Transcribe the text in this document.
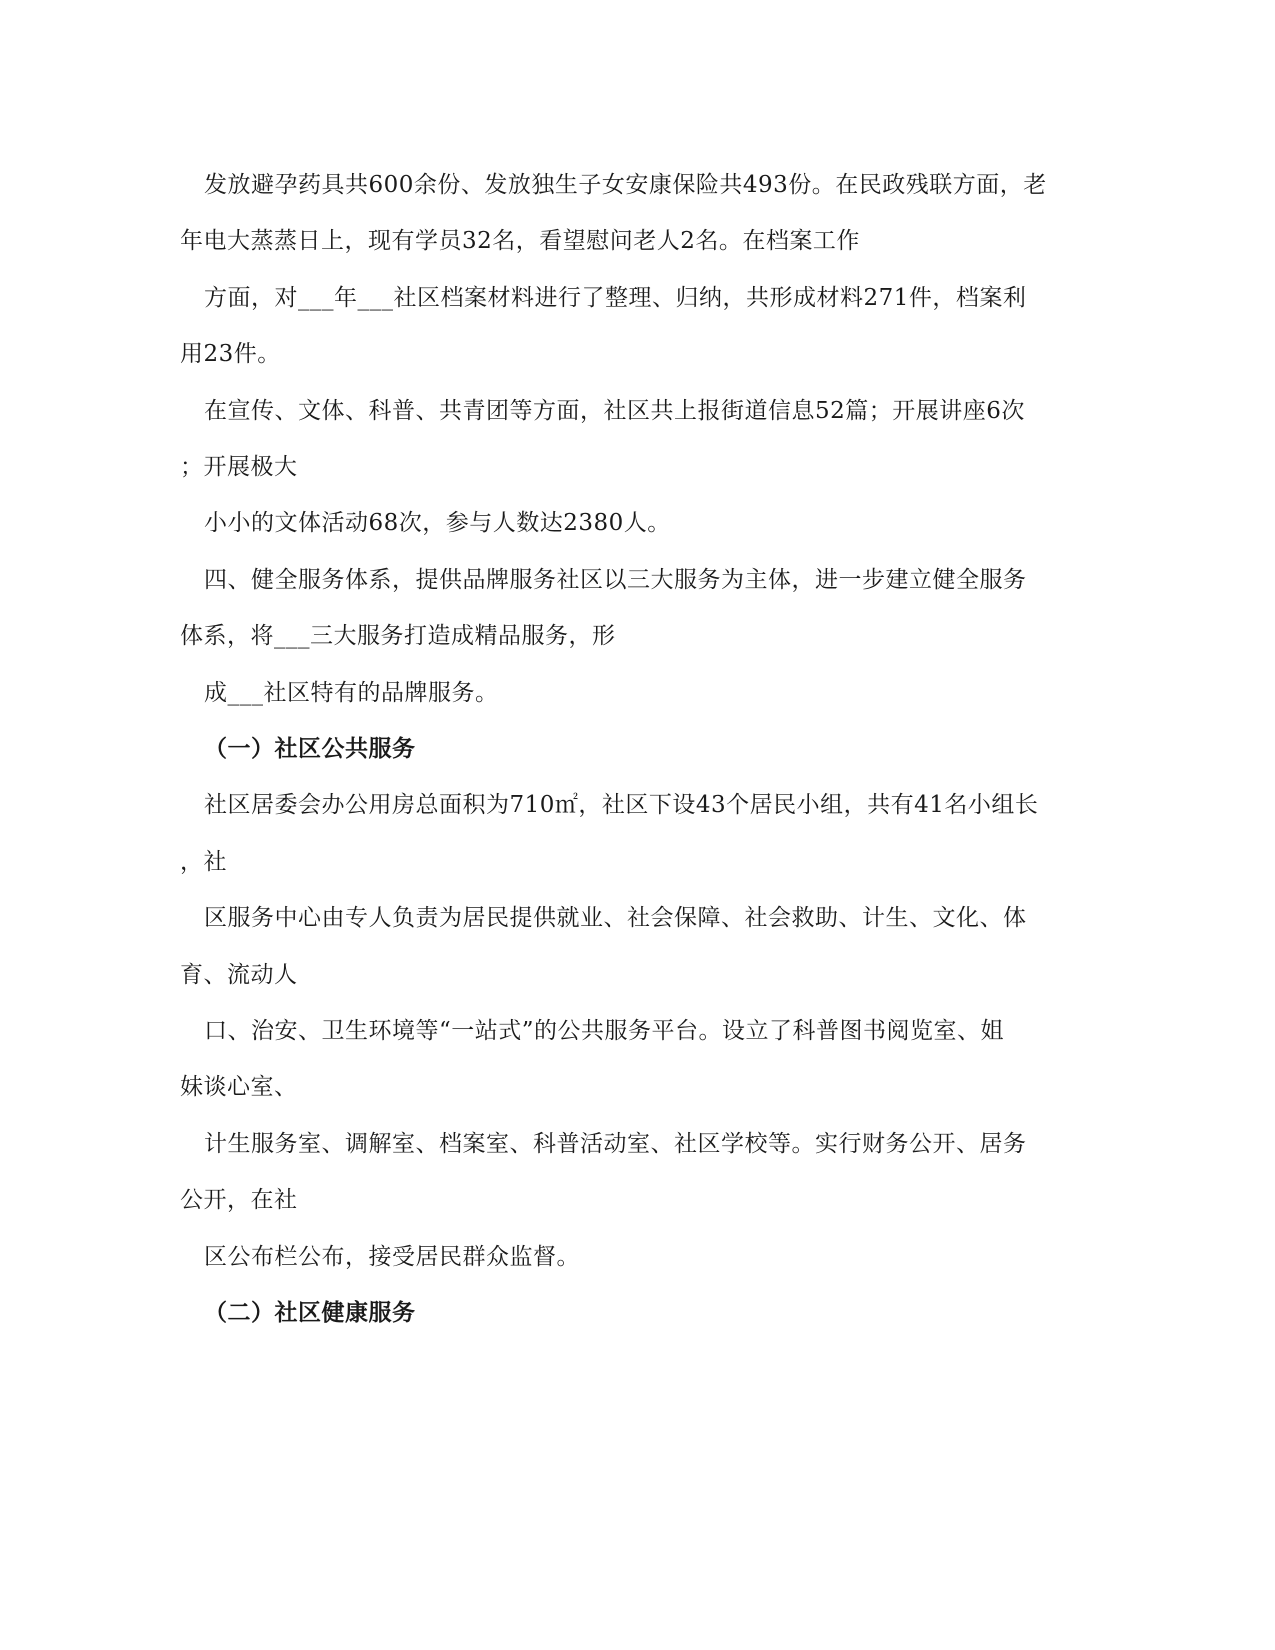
发放避孕药具共600余份、发放独生子女安康保险共493份。在民政残联方面，老
年电大蒸蒸日上，现有学员32名，看望慰问老人2名。在档案工作
方面，对___年___社区档案材料进行了整理、归纳，共形成材料271件，档案利
用23件。
在宣传、文体、科普、共青团等方面，社区共上报街道信息52篇；开展讲座6次
；开展极大
小小的文体活动68次，参与人数达2380人。
四、健全服务体系，提供品牌服务社区以三大服务为主体，进一步建立健全服务
体系，将___三大服务打造成精品服务，形
成___社区特有的品牌服务。
（一）社区公共服务
社区居委会办公用房总面积为710㎡，社区下设43个居民小组，共有41名小组长
，社
区服务中心由专人负责为居民提供就业、社会保障、社会救助、计生、文化、体
育、流动人
口、治安、卫生环境等“一站式”的公共服务平台。设立了科普图书阅览室、姐
妹谈心室、
计生服务室、调解室、档案室、科普活动室、社区学校等。实行财务公开、居务
公开，在社
区公布栏公布，接受居民群众监督。
（二）社区健康服务
